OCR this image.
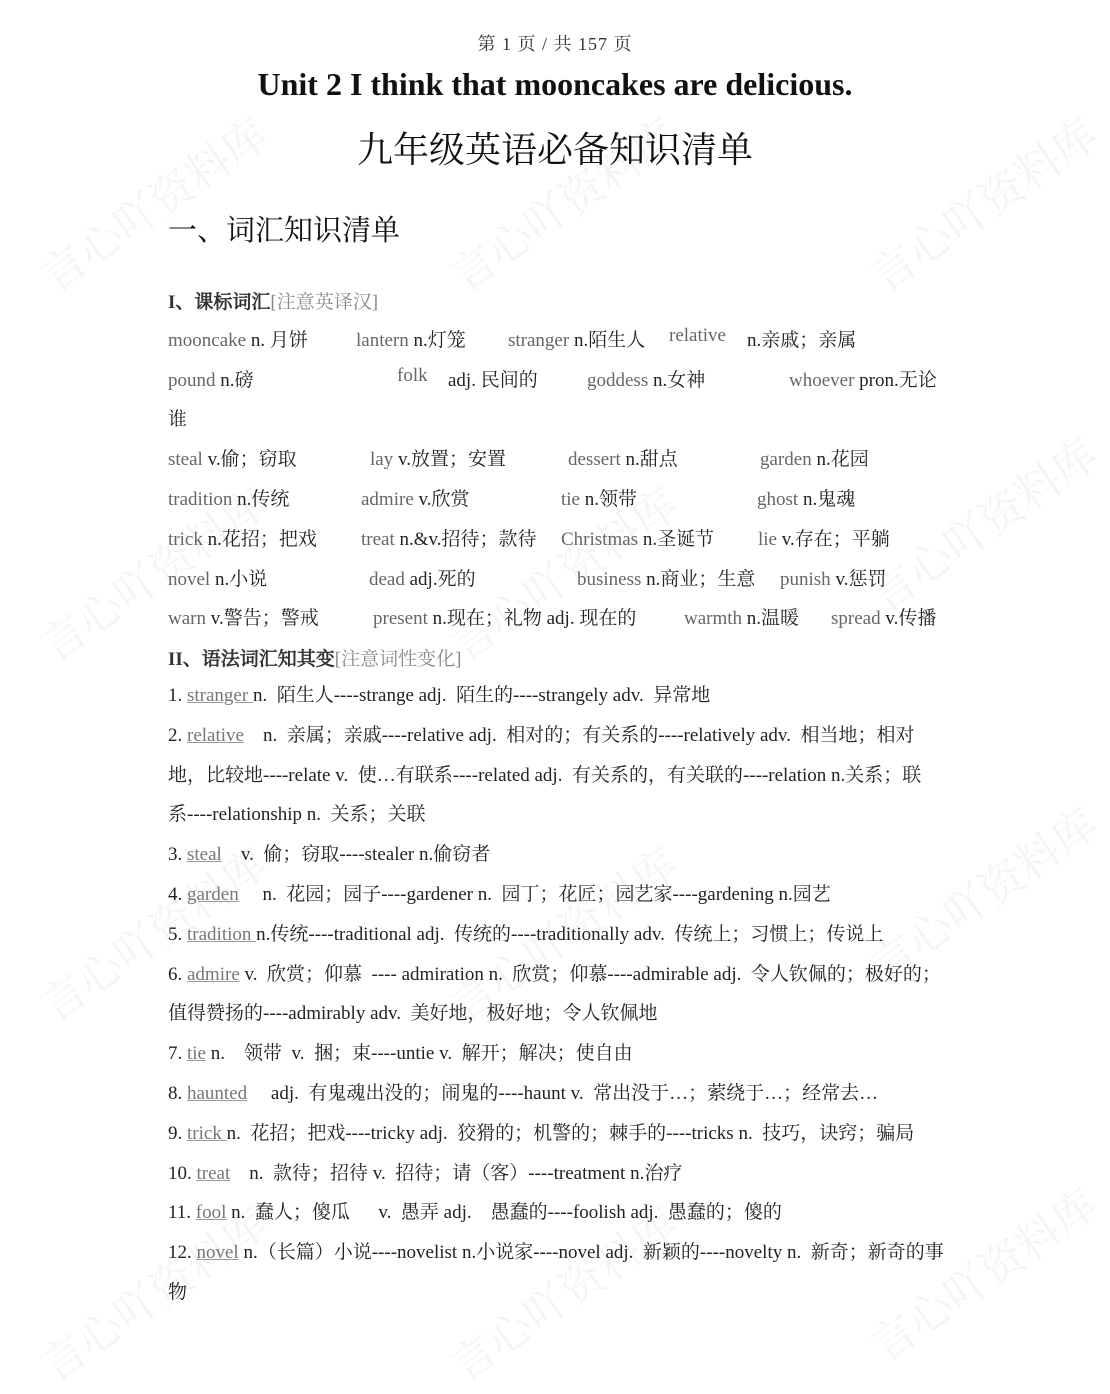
第 1 页 / 共 157 页
Unit 2 I think that mooncakes are delicious.
九年级英语必备知识清单
一、词汇知识清单
I、课标词汇[注意英译汉]
mooncake n. 月饼	lantern n.灯笼 stranger n.陌生人 relative n.亲戚；亲属
pound n.磅	folk adj. 民间的	goddess n.女神	whoever pron.无论
谁
steal v.偷；窃取	lay v.放置；安置	dessert n.甜点	garden n.花园
tradition n.传统	admire v.欣赏	tie n.领带	ghost n.鬼魂
trick n.花招；把戏 treat n.&v.招待；款待 Christmas n.圣诞节 lie v.存在；平躺
novel n.小说	dead adj.死的	business n.商业；生意 punish v.惩罚
warn v.警告；警戒	present n.现在；礼物 adj. 现在的	warmth n.温暖 spread v.传播
II、语法词汇知其变[注意词性变化]

1. stranger n.  陌生人----strange adj.  陌生的----strangely adv.  异常地

2. relative    n.  亲属；亲戚----relative adj.  相对的；有关系的----relatively adv.  相当地；相对地，比较地----relate v.  使…有联系----related adj.  有关系的，有关联的----relation n.关系；联系----relationship n.  关系；关联

3. steal    v.  偷；窃取----stealer n.偷窃者

4. garden     n.  花园；园子----gardener n.  园丁；花匠；园艺家----gardening n.园艺

5. tradition n.传统----traditional adj.  传统的----traditionally adv.  传统上；习惯上；传说上

6. admire v.  欣赏；仰慕  ---- admiration n.  欣赏；仰慕----admirable adj.  令人钦佩的；极好的；值得赞扬的----admirably adv.  美好地，极好地；令人钦佩地

7. tie n.    领带  v.  捆；束----untie v.  解开；解决；使自由

8. haunted     adj.  有鬼魂出没的；闹鬼的----haunt v.  常出没于…；萦绕于…；经常去…

9. trick n.  花招；把戏----tricky adj.  狡猾的；机警的；棘手的----tricks n.  技巧，诀窍；骗局

10. treat    n.  款待；招待 v.  招待；请（客）----treatment n.治疗

11. fool n.  蠢人；傻瓜      v.  愚弄 adj.    愚蠢的----foolish adj.  愚蠢的；傻的

12. novel n.（长篇）小说----novelist n.小说家----novel adj.  新颖的----novelty n.  新奇；新奇的事物
